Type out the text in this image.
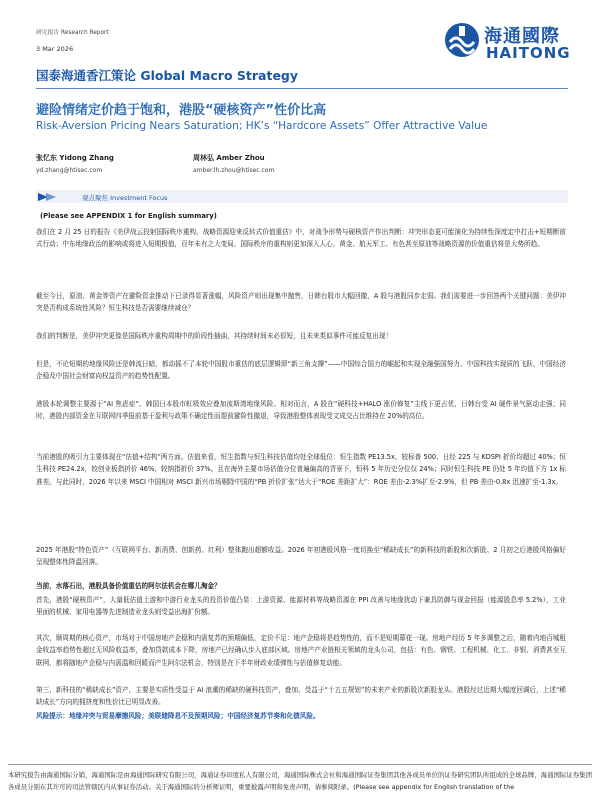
研究报告 Research Report
3 Mar 2026
海通國際
HAITONG
国泰海通香江策论 Global Macro Strategy
避险情绪定价趋于饱和，港股“硬核资产”性价比高
Risk-Aversion Pricing Nears Saturation; HK’s “Hardcore Assets” Offer Attractive Value
张忆东 Yidong Zhang
yd.zhang@htisec.com
周林弘 Amber Zhou
amber.lh.zhou@htisec.com
观点聚焦 Investment Focus
(Please see APPENDIX 1 for English summary)
我们在 2 月 25 日的报告《美伊战云投射国际秩序重构，战略资源迎来反转式价值重估》中，对战争形势与硬核资产作出判断：冲突形态更可能演化为持续性深度定中打击+短期断前式行动；中东地缘政治的影响或将进入短期极值，百年未有之大变局、国际秩序的重构则更加深入人心，黄金、航天军工、有色甚至原油等战略资源的价值重估将是大势所趋。
截至今日，原油、黄金等资产在避险资金推动下已录得显著涨幅，风险资产则出现集中抛售，日韩台股市大幅回撤，A 股与港股同步走弱。我们需要进一步回答两个关键问题：美伊冲突是否构成系统性风险？恒生科技是否需要继续减仓？
我们的判断是，美伊冲突更像是国际秩序重构周期中的阶段性插曲，其持续时间未必很短，且未来类似事件可能反复出现！
但是，不论短期的地缘风险还是韩流日暗，都动摇不了本轮中国股市重估的底层逻辑即“新三角支撑”——中国综合国力的崛起和实现全融强国努力、中国科技实现质的飞跃、中国经济企稳及中国社会财富向权益资产的趋势性配置。
港股本轮调整主要源于“AI 焦虑症”、韩国日本股市虹吸效应叠加流斯湾地缘风险。相对而言，A 股在“硬科技+HALO 涨价修复”主线下更占优，日韩台受 AI 硬件景气驱动走强；同时，港股内部资金在互联网四季报前基于盈利与政策不确定性而提前避险性撤退，导致港股整体表现受文成交占比维持在 20%的高位。
当前港股的吸引力主要体现在“估值+结构”两方面。估值来看，恒生指数与恒生科技估值均处全球低位：恒生指数 PE13.5x，较标普 500、日经 225 与 KOSPI 折价均超过 40%；恒生科技 PE24.2x，较创业板指折价 46%、较纳指折价 37%。且在海外主要市场估值分位普遍偏高的背景下，恒科 5 年历史分位仅 24%；同时恒生科技 PE 仍处 5 年均值下方 1x 标准差。与此同时，2026 年以来 MSCI 中国相对 MSCI 新兴市场剔除中国的“PB 折价扩张”达大于“ROE 差距扩大”：ROE 差由-2.3%扩至-2.9%，但 PB 差由-0.8x 迅速扩至-1.3x。
2025 年港股“特色资产”（互联网平台、新消费、创新药、红利）整体跑出超额收益。2026 年初港股风格一度切换至“稀缺成长”的新科技的新股和次新股、2 月初之后港股风格偏好呈现整体性降温回落。
当前，水落石出，港股具备价值重估的阿尔法机会在哪儿淘金？
首先，港股“硬核资产”，大量低估值上游和中游行业龙头的投资价值凸显：上游资源、能源材料等战略资源在 PPI 改善与地缘扰动下兼具防御与现金回报（能源股息率 5.2%），工业里面的机械、家用电器等先进制造业龙头则受益出海扩份额。
其次，顺周期的核心资产，市场对于中国房地产企稳和内需复苏的预期偏低，定价不足：地产企稳将是趋势性的，而不是短期幕花一现。房地产经历 5 年多调整之后，随着内地百城租金收益率趋势性超过无风险收益率，叠加贷款成本下降，房地产已经确认步入底部区域。房地产产业链相关领域的龙头公司，包括：有色、钢铁、工程机械、化工、非银、消费甚至互联网，都将随地产企稳与内需温和回暖而产生阿尔法机会，特别是在下半年财政业绩弹性与估值修复动能。
第三，新科技的“稀缺成长”资产，主要是实质性受益于 AI 浪潮的稀缺的硬科技资产，叠加、受益于“十五五规划”的未来产业的新股次新股龙头。港股经过近期大幅度回调后，上述“稀缺成长”方向的拥挤度和性价比已明显改善。
风险提示：地缘冲突与贸易摩擦风险；美联储降息不及预期风险；中国经济复苏节奏和化债风险。
本研究报告由海通国际分销，海通国际是由海通国际研究有限公司，海通证券印度私人有限公司，海通国际株式会社和海通国际证券集团其他各成员单位的证券研究团队所组成的全球品牌，海通国际证券集团各成员分别在其许可的司法管辖区内从事证券活动。关于海通国际的分析师证明，重要披露声明和免责声明，请参阅附录。(Please see appendix for English translation of the
